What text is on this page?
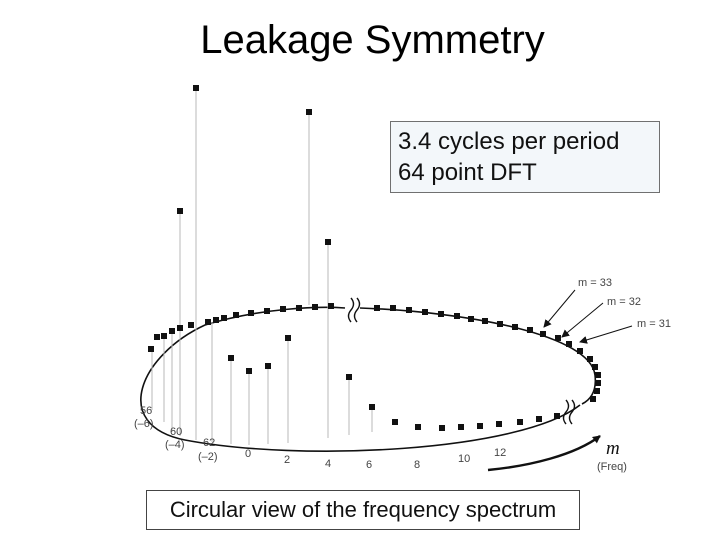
Leakage Symmetry
m = 33
m = 32
m = 31
m
(Freq)
56
(–6)
60
(–4) 62
(–2) 0	2	4	6	8	10 12
3.4 cycles per period
64 point DFT
Circular view of the frequency spectrum
